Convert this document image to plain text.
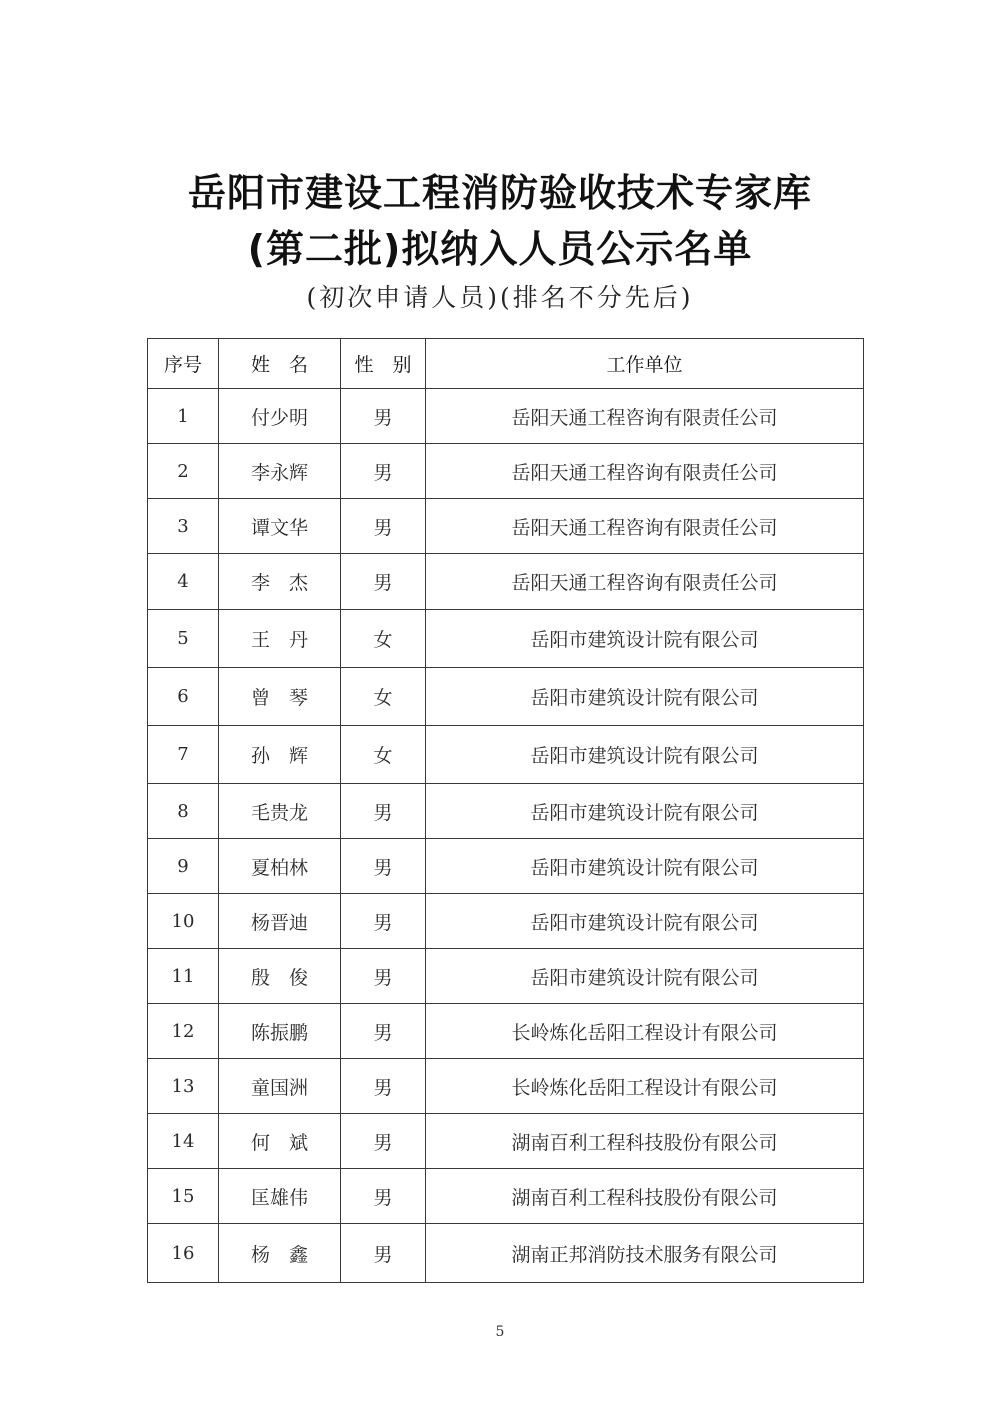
岳阳市建设工程消防验收技术专家库
(第二批)拟纳入人员公示名单
(初次申请人员)(排名不分先后)
序号	姓　名	性　别	工作单位
1	付少明	男	岳阳天通工程咨询有限责任公司
2	李永辉	男	岳阳天通工程咨询有限责任公司
3	谭文华	男	岳阳天通工程咨询有限责任公司
4	李　杰	男	岳阳天通工程咨询有限责任公司
5	王　丹	女	岳阳市建筑设计院有限公司
6	曾　琴	女	岳阳市建筑设计院有限公司
7	孙　辉	女	岳阳市建筑设计院有限公司
8	毛贵龙	男	岳阳市建筑设计院有限公司
9	夏柏林	男	岳阳市建筑设计院有限公司
10	杨晋迪	男	岳阳市建筑设计院有限公司
11	殷　俊	男	岳阳市建筑设计院有限公司
12	陈振鹏	男	长岭炼化岳阳工程设计有限公司
13	童国洲	男	长岭炼化岳阳工程设计有限公司
14	何　斌	男	湖南百利工程科技股份有限公司
15	匡雄伟	男	湖南百利工程科技股份有限公司
16	杨　鑫	男	湖南正邦消防技术服务有限公司
5
